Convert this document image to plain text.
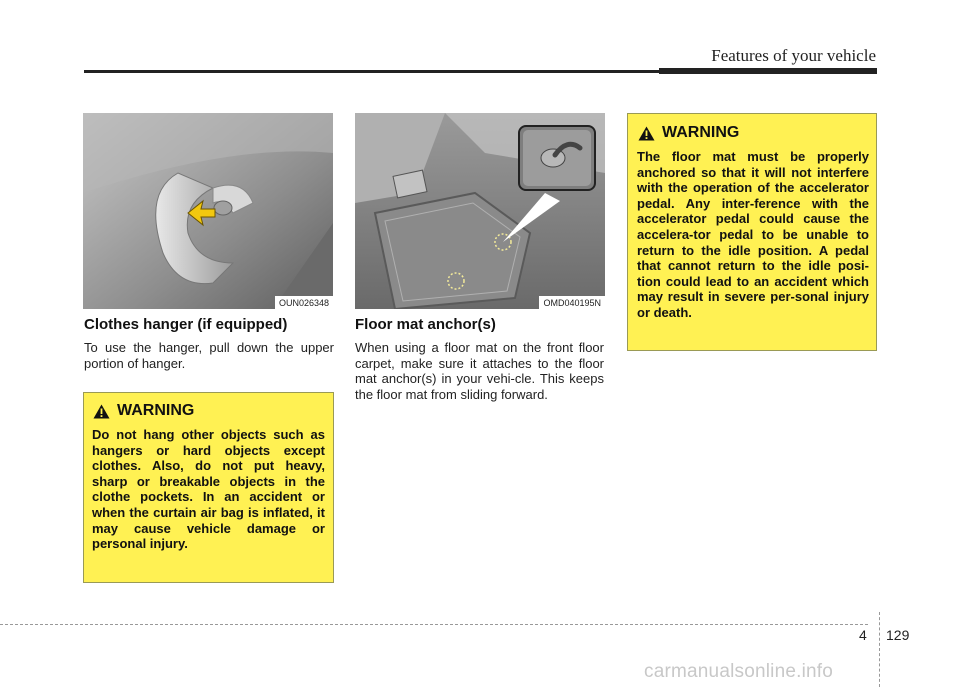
Features of your vehicle
OUN026348	OMD040195N
Clothes hanger (if equipped)
To use the hanger, pull down the upper portion of hanger.
WARNING
Do not hang other objects such as hangers or hard objects except clothes. Also, do not put heavy, sharp or breakable objects in the clothe pockets. In an accident or when the curtain air bag is inflated, it may cause vehicle damage or personal injury.
Floor mat anchor(s)
When using a floor mat on the front floor carpet, make sure it attaches to the floor mat anchor(s) in your vehi-cle. This keeps the floor mat from sliding forward.
WARNING
The floor mat must be properly anchored so that it will not interfere with the operation of the accelerator pedal. Any inter-ference with the accelerator pedal could cause the accelera-tor pedal to be unable to return to the idle position. A pedal that cannot return to the idle posi-tion could lead to an accident which may result in severe per-sonal injury or death.
4 129
carmanualsonline.info
